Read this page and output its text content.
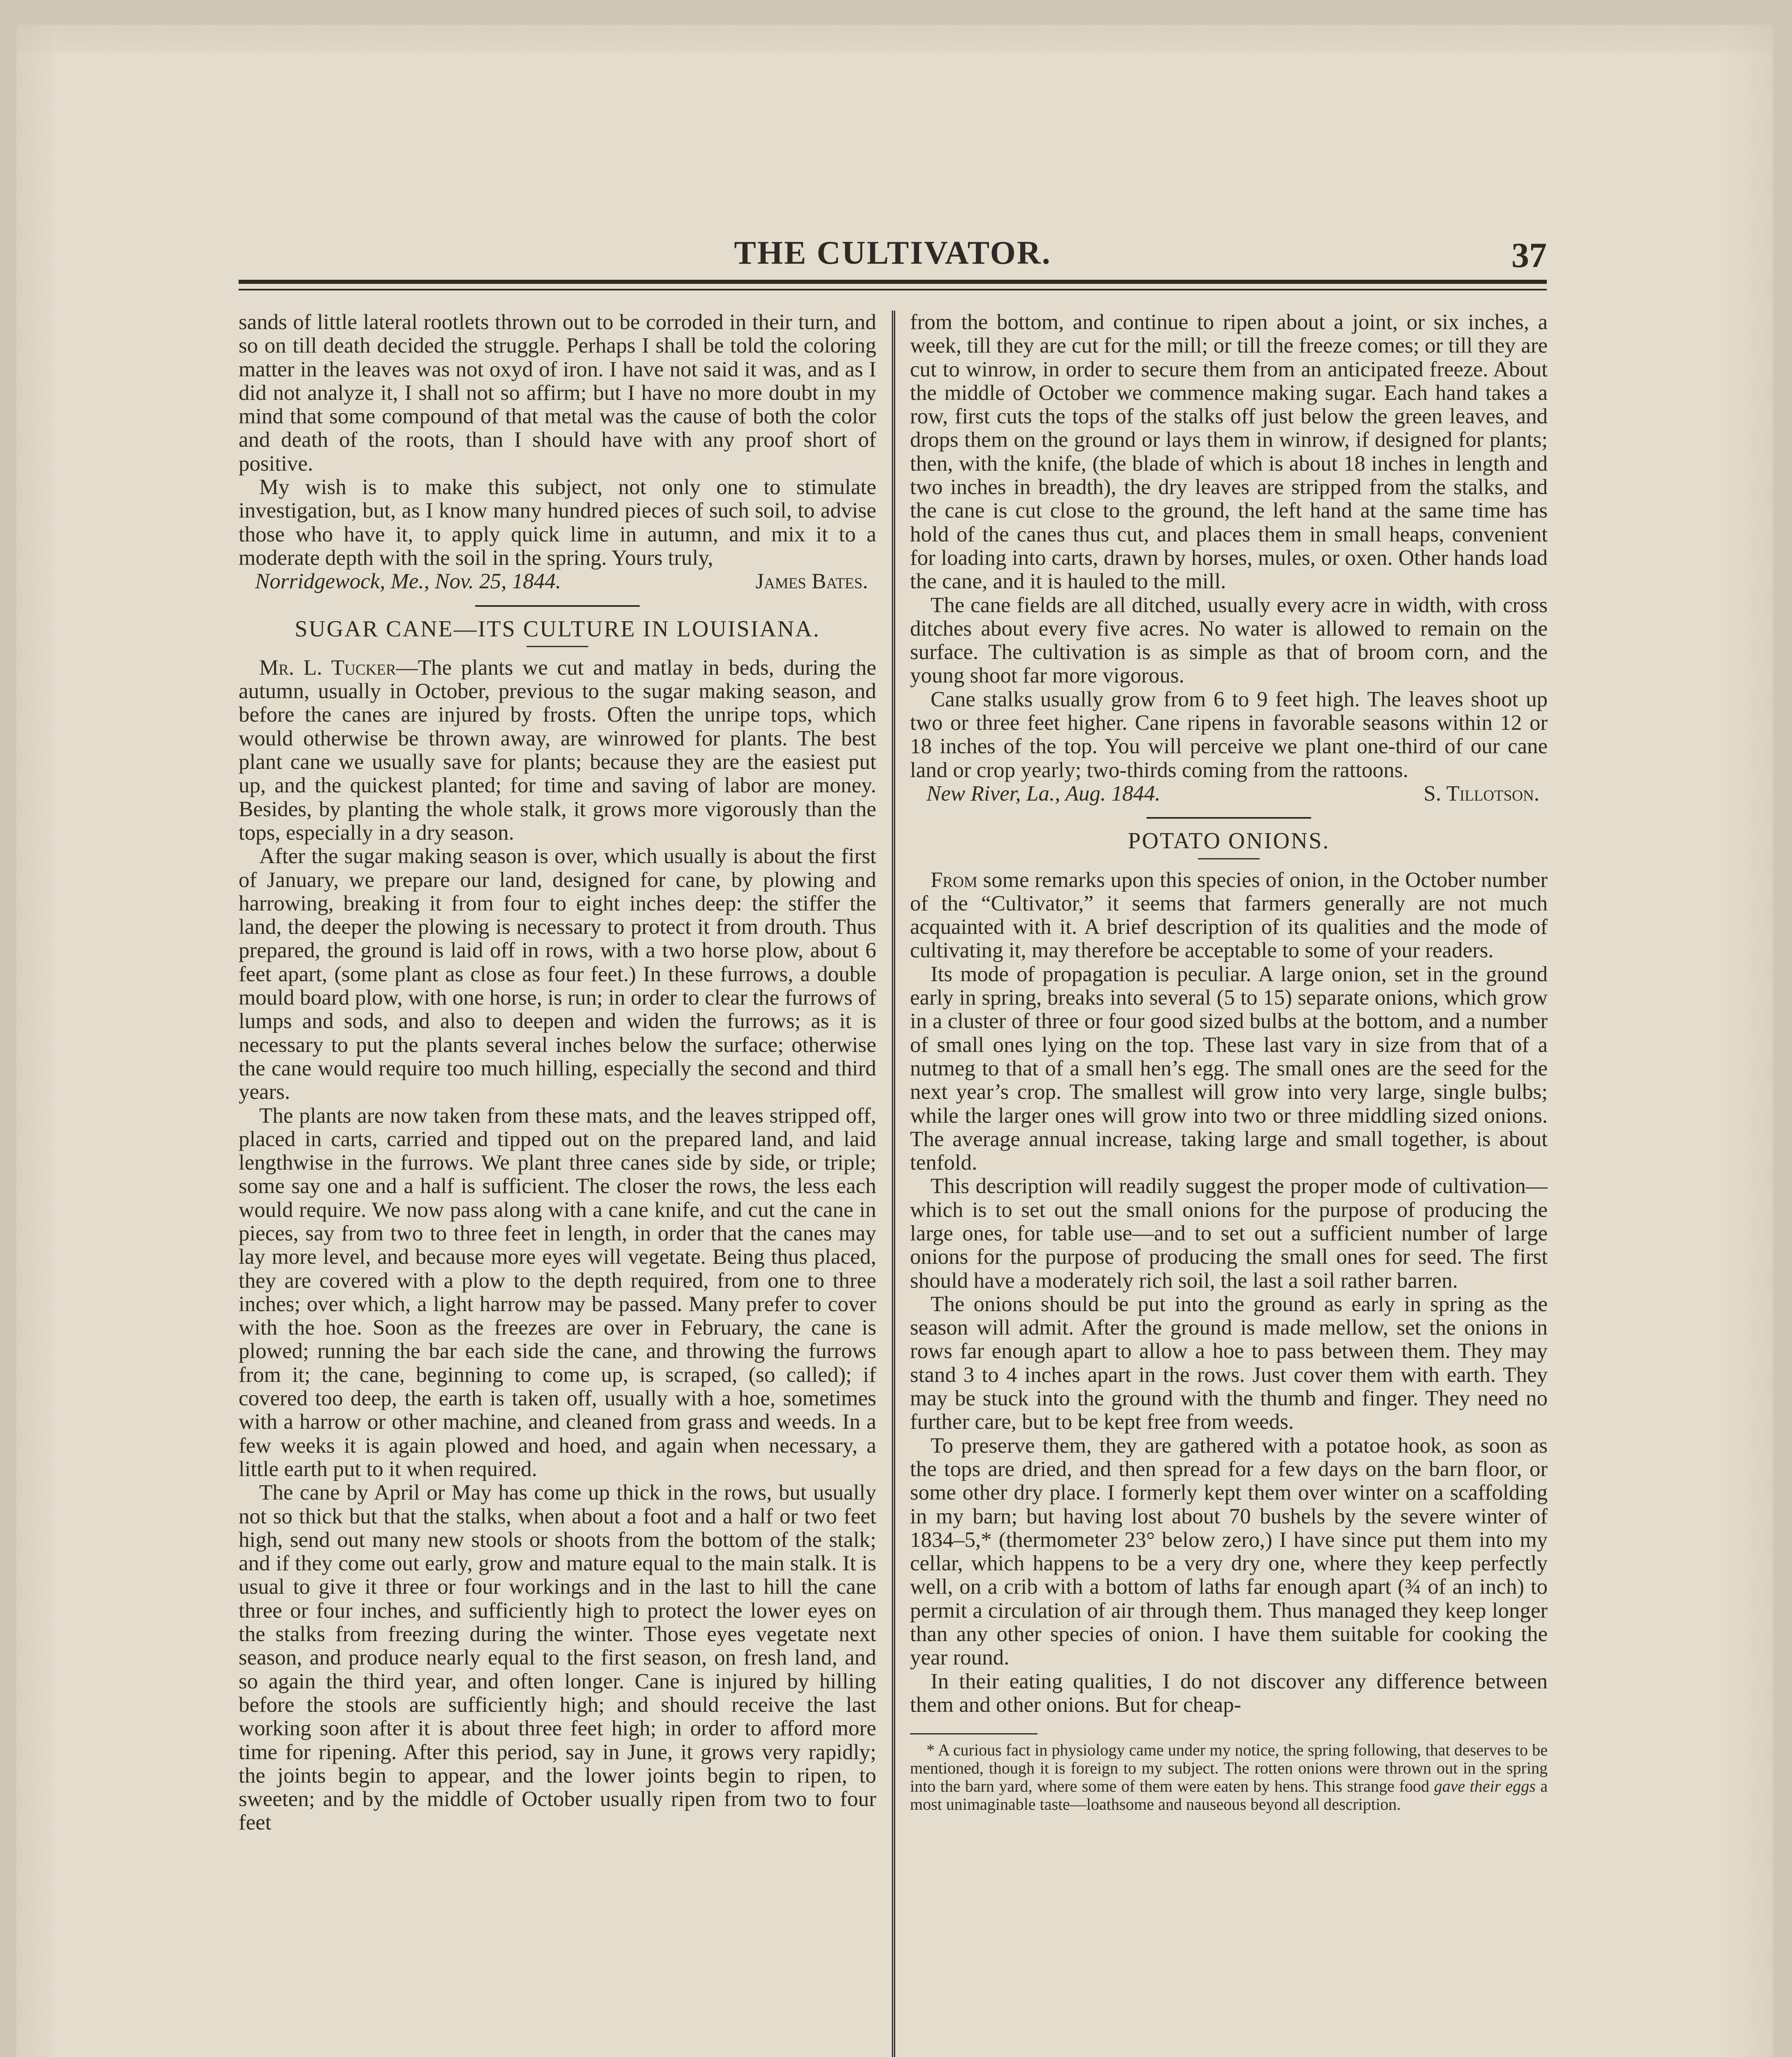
THE CULTIVATOR.	37

sands of little lateral rootlets thrown out to be corroded in their turn, and so on till death decided the struggle. Perhaps I shall be told the coloring matter in the leaves was not oxyd of iron. I have not said it was, and as I did not analyze it, I shall not so affirm; but I have no more doubt in my mind that some compound of that metal was the cause of both the color and death of the roots, than I should have with any proof short of positive.

My wish is to make this subject, not only one to stimulate investigation, but, as I know many hundred pieces of such soil, to advise those who have it, to apply quick lime in autumn, and mix it to a moderate depth with the soil in the spring. Yours truly,

Norridgewock, Me., Nov. 25, 1844.	James Bates.

SUGAR CANE—ITS CULTURE IN LOUISIANA.

Mr. L. Tucker—The plants we cut and matlay in beds, during the autumn, usually in October, previous to the sugar making season, and before the canes are injured by frosts. Often the unripe tops, which would otherwise be thrown away, are winrowed for plants. The best plant cane we usually save for plants; because they are the easiest put up, and the quickest planted; for time and saving of labor are money. Besides, by planting the whole stalk, it grows more vigorously than the tops, especially in a dry season.

After the sugar making season is over, which usually is about the first of January, we prepare our land, designed for cane, by plowing and harrowing, breaking it from four to eight inches deep: the stiffer the land, the deeper the plowing is necessary to protect it from drouth. Thus prepared, the ground is laid off in rows, with a two horse plow, about 6 feet apart, (some plant as close as four feet.) In these furrows, a double mould board plow, with one horse, is run; in order to clear the furrows of lumps and sods, and also to deepen and widen the furrows; as it is necessary to put the plants several inches below the surface; otherwise the cane would require too much hilling, especially the second and third years.

The plants are now taken from these mats, and the leaves stripped off, placed in carts, carried and tipped out on the prepared land, and laid lengthwise in the furrows. We plant three canes side by side, or triple; some say one and a half is sufficient. The closer the rows, the less each would require. We now pass along with a cane knife, and cut the cane in pieces, say from two to three feet in length, in order that the canes may lay more level, and because more eyes will vegetate. Being thus placed, they are covered with a plow to the depth required, from one to three inches; over which, a light harrow may be passed. Many prefer to cover with the hoe. Soon as the freezes are over in February, the cane is plowed; running the bar each side the cane, and throwing the furrows from it; the cane, beginning to come up, is scraped, (so called); if covered too deep, the earth is taken off, usually with a hoe, sometimes with a harrow or other machine, and cleaned from grass and weeds. In a few weeks it is again plowed and hoed, and again when necessary, a little earth put to it when required.

The cane by April or May has come up thick in the rows, but usually not so thick but that the stalks, when about a foot and a half or two feet high, send out many new stools or shoots from the bottom of the stalk; and if they come out early, grow and mature equal to the main stalk. It is usual to give it three or four workings and in the last to hill the cane three or four inches, and sufficiently high to protect the lower eyes on the stalks from freezing during the winter. Those eyes vegetate next season, and produce nearly equal to the first season, on fresh land, and so again the third year, and often longer. Cane is injured by hilling before the stools are sufficiently high; and should receive the last working soon after it is about three feet high; in order to afford more time for ripening. After this period, say in June, it grows very rapidly; the joints begin to appear, and the lower joints begin to ripen, to sweeten; and by the middle of October usually ripen from two to four feet

from the bottom, and continue to ripen about a joint, or six inches, a week, till they are cut for the mill; or till the freeze comes; or till they are cut to winrow, in order to secure them from an anticipated freeze. About the middle of October we commence making sugar. Each hand takes a row, first cuts the tops of the stalks off just below the green leaves, and drops them on the ground or lays them in winrow, if designed for plants; then, with the knife, (the blade of which is about 18 inches in length and two inches in breadth), the dry leaves are stripped from the stalks, and the cane is cut close to the ground, the left hand at the same time has hold of the canes thus cut, and places them in small heaps, convenient for loading into carts, drawn by horses, mules, or oxen. Other hands load the cane, and it is hauled to the mill.

The cane fields are all ditched, usually every acre in width, with cross ditches about every five acres. No water is allowed to remain on the surface. The cultivation is as simple as that of broom corn, and the young shoot far more vigorous.

Cane stalks usually grow from 6 to 9 feet high. The leaves shoot up two or three feet higher. Cane ripens in favorable seasons within 12 or 18 inches of the top. You will perceive we plant one-third of our cane land or crop yearly; two-thirds coming from the rattoons.

New River, La., Aug. 1844.	S. Tillotson.

POTATO ONIONS.

From some remarks upon this species of onion, in the October number of the “Cultivator,” it seems that farmers generally are not much acquainted with it. A brief description of its qualities and the mode of cultivating it, may therefore be acceptable to some of your readers.

Its mode of propagation is peculiar. A large onion, set in the ground early in spring, breaks into several (5 to 15) separate onions, which grow in a cluster of three or four good sized bulbs at the bottom, and a number of small ones lying on the top. These last vary in size from that of a nutmeg to that of a small hen’s egg. The small ones are the seed for the next year’s crop. The smallest will grow into very large, single bulbs; while the larger ones will grow into two or three middling sized onions. The average annual increase, taking large and small together, is about tenfold.

This description will readily suggest the proper mode of cultivation—which is to set out the small onions for the purpose of producing the large ones, for table use—and to set out a sufficient number of large onions for the purpose of producing the small ones for seed. The first should have a moderately rich soil, the last a soil rather barren.

The onions should be put into the ground as early in spring as the season will admit. After the ground is made mellow, set the onions in rows far enough apart to allow a hoe to pass between them. They may stand 3 to 4 inches apart in the rows. Just cover them with earth. They may be stuck into the ground with the thumb and finger. They need no further care, but to be kept free from weeds.

To preserve them, they are gathered with a potatoe hook, as soon as the tops are dried, and then spread for a few days on the barn floor, or some other dry place. I formerly kept them over winter on a scaffolding in my barn; but having lost about 70 bushels by the severe winter of 1834–5,* (thermometer 23° below zero,) I have since put them into my cellar, which happens to be a very dry one, where they keep perfectly well, on a crib with a bottom of laths far enough apart (¾ of an inch) to permit a circulation of air through them. Thus managed they keep longer than any other species of onion. I have them suitable for cooking the year round.

In their eating qualities, I do not discover any difference between them and other onions. But for cheap-

* A curious fact in physiology came under my notice, the spring following, that deserves to be mentioned, though it is foreign to my subject. The rotten onions were thrown out in the spring into the barn yard, where some of them were eaten by hens. This strange food gave their eggs a most unimaginable taste—loathsome and nauseous beyond all description.
